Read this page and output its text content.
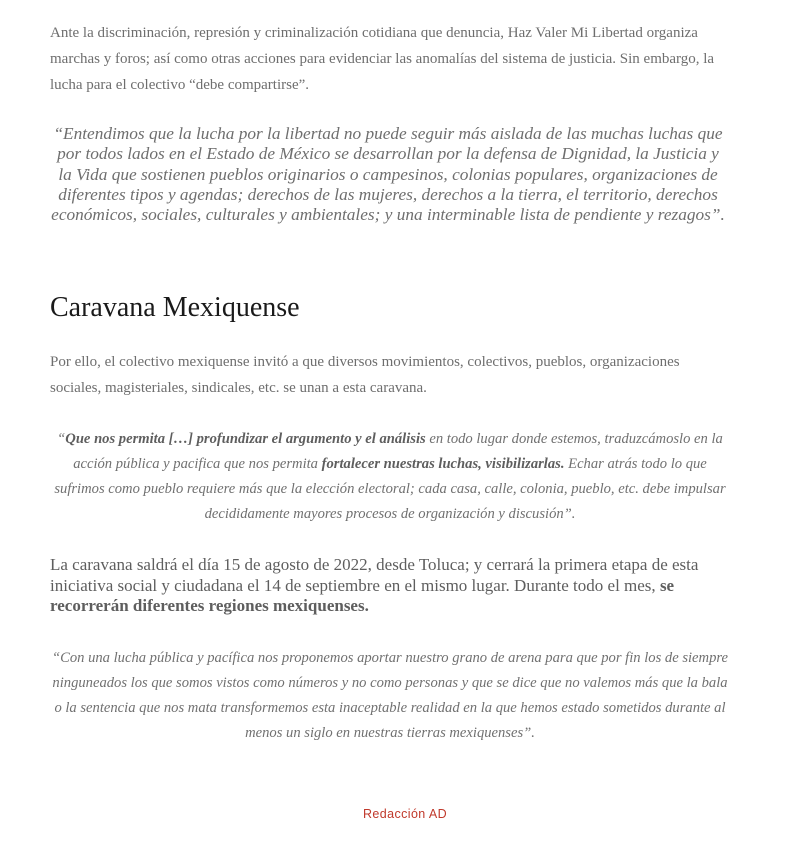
Ante la discriminación, represión y criminalización cotidiana que denuncia, Haz Valer Mi Libertad organiza marchas y foros; así como otras acciones para evidenciar las anomalías del sistema de justicia. Sin embargo, la lucha para el colectivo “debe compartirse”.

“Entendimos que la lucha por la libertad no puede seguir más aislada de las muchas luchas que por todos lados en el Estado de México se desarrollan por la defensa de Dignidad, la Justicia y la Vida que sostienen pueblos originarios o campesinos, colonias populares, organizaciones de diferentes tipos y agendas; derechos de las mujeres, derechos a la tierra, el territorio, derechos económicos, sociales, culturales y ambientales; y una interminable lista de pendiente y rezagos”.

Caravana Mexiquense

Por ello, el colectivo mexiquense invitó a que diversos movimientos, colectivos, pueblos, organizaciones sociales, magisteriales, sindicales, etc. se unan a esta caravana.

“Que nos permita […] profundizar el argumento y el análisis en todo lugar donde estemos, traduzcámoslo en la acción pública y pacifica que nos permita fortalecer nuestras luchas, visibilizarlas. Echar atrás todo lo que sufrimos como pueblo requiere más que la elección electoral; cada casa, calle, colonia, pueblo, etc. debe impulsar decididamente mayores procesos de organización y discusión”.

La caravana saldrá el día 15 de agosto de 2022, desde Toluca; y cerrará la primera etapa de esta iniciativa social y ciudadana el 14 de septiembre en el mismo lugar. Durante todo el mes, se recorrerán diferentes regiones mexiquenses.

“Con una lucha pública y pacífica nos proponemos aportar nuestro grano de arena para que por fin los de siempre ninguneados los que somos vistos como números y no como personas y que se dice que no valemos más que la bala o la sentencia que nos mata transformemos esta inaceptable realidad en la que hemos estado sometidos durante al menos un siglo en nuestras tierras mexiquenses”.

Redacción AD
